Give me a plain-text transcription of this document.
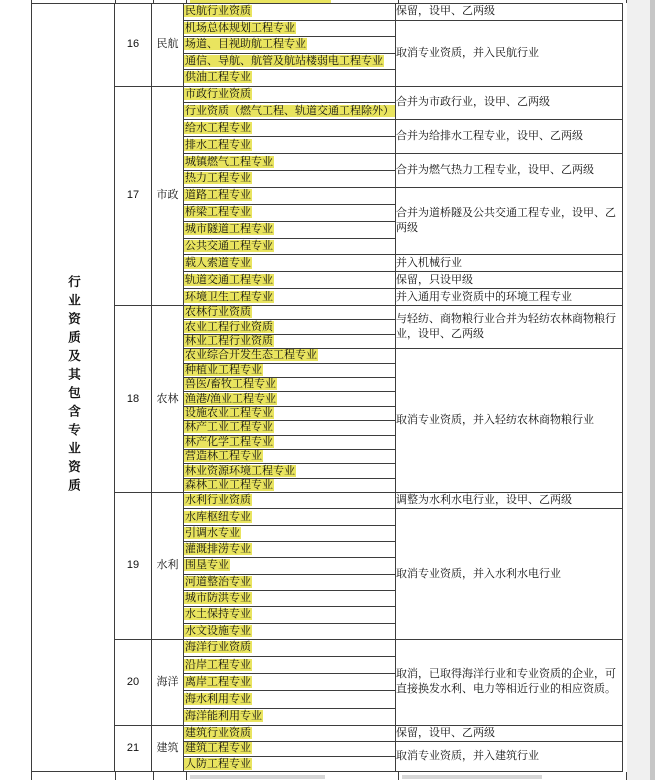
行业资质及其包含专业资质	16	民航	民航行业资质	保留，设甲、乙两级
			机场总体规划工程专业	取消专业资质，并入民航行业
			场道、目视助航工程专业	
			通信、导航、航管及航站楼弱电工程专业	
			供油工程专业	
	17	市政	市政行业资质	合并为市政行业，设甲、乙两级
			行业资质（燃气工程、轨道交通工程除外）	
			给水工程专业	合并为给排水工程专业，设甲、乙两级
			排水工程专业	
			城镇燃气工程专业	合并为燃气热力工程专业，设甲、乙两级
			热力工程专业	
			道路工程专业	合并为道桥隧及公共交通工程专业，设甲、乙两级
			桥梁工程专业	
			城市隧道工程专业	
			公共交通工程专业	
			载人索道专业	并入机械行业
			轨道交通工程专业	保留，只设甲级
			环境卫生工程专业	并入通用专业资质中的环境工程专业
	18	农林	农林行业资质	与轻纺、商物粮行业合并为轻纺农林商物粮行业，设甲、乙两级
			农业工程行业资质	
			林业工程行业资质	
			农业综合开发生态工程专业	取消专业资质，并入轻纺农林商物粮行业
			种植业工程专业	
			兽医/畜牧工程专业	
			渔港/渔业工程专业	
			设施农业工程专业	
			林产工业工程专业	
			林产化学工程专业	
			营造林工程专业	
			林业资源环境工程专业	
			森林工业工程专业	
	19	水利	水利行业资质	调整为水利水电行业，设甲、乙两级
			水库枢纽专业	取消专业资质，并入水利水电行业
			引调水专业	
			灌溉排涝专业	
			围垦专业	
			河道整治专业	
			城市防洪专业	
			水土保持专业	
			水文设施专业	
	20	海洋	海洋行业资质	取消，已取得海洋行业和专业资质的企业，可直接换发水利、电力等相近行业的相应资质。
			沿岸工程专业	
			离岸工程专业	
			海水利用专业	
			海洋能利用专业	
	21	建筑	建筑行业资质	保留，设甲、乙两级
			建筑工程专业	取消专业资质，并入建筑行业
			人防工程专业	
